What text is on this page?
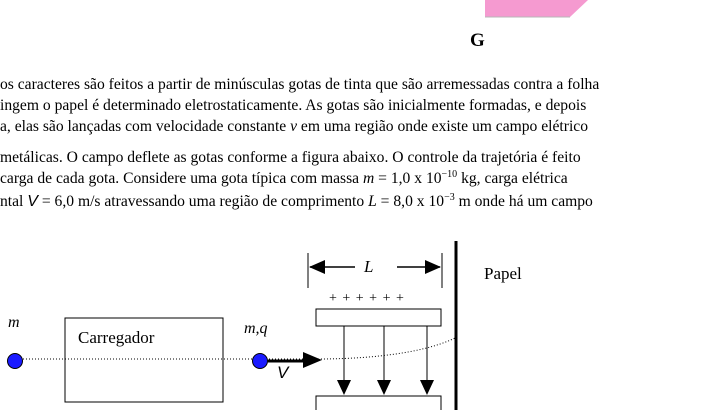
G
os caracteres são feitos a partir de minúsculas gotas de tinta que são arremessadas contra a folha
ingem o papel é determinado eletrostaticamente. As gotas são inicialmente formadas, e depois
a, elas são lançadas com velocidade constante v em uma região onde existe um campo elétrico
metálicas. O campo deflete as gotas conforme a figura abaixo. O controle da trajetória é feito
carga de cada gota. Considere uma gota típica com massa m = 1,0 x $10^{-10}$ kg, carga elétrica
ntal V = 6,0 m/s atravessando uma região de comprimento L = 8,0 x $10^{-3}$ m onde há um campo
m
Carregador	m,q
V
L
+ + + + + +
Papel
